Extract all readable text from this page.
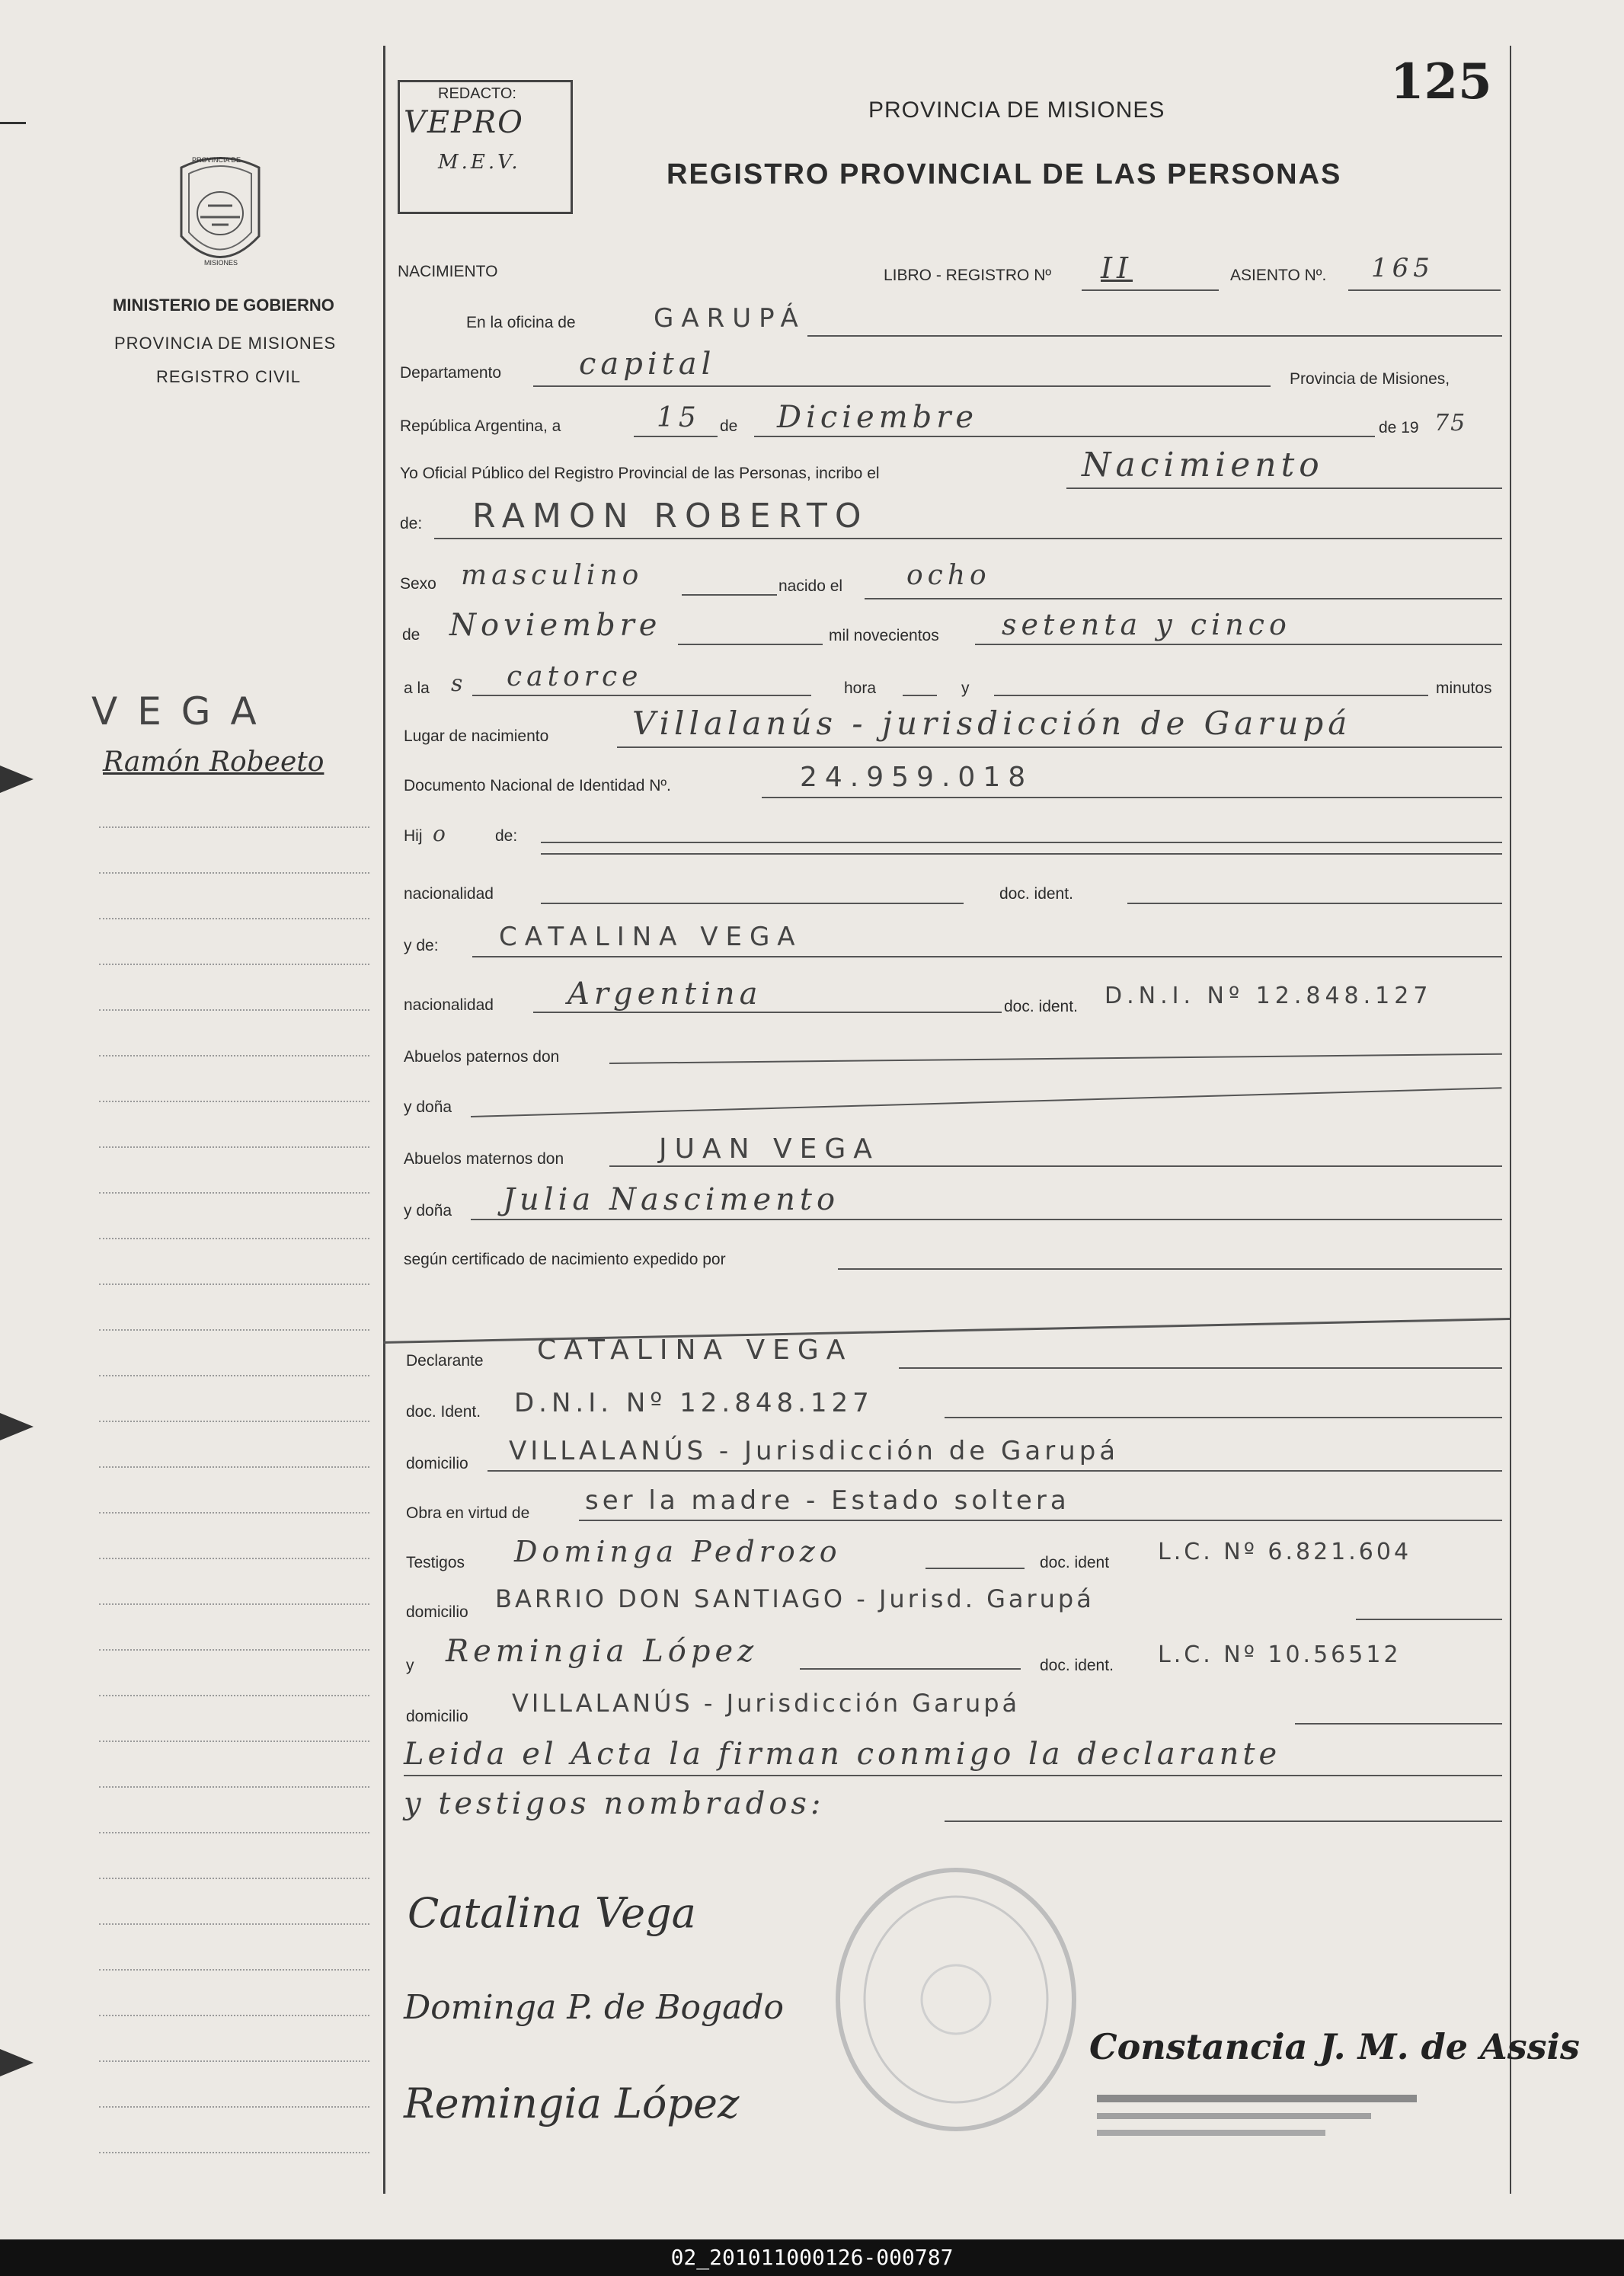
PROVINCIA DE
MISIONES
MINISTERIO DE GOBIERNO
PROVINCIA DE MISIONES
REGISTRO CIVIL
VEGA
Ramón Robeeto
REDACTO:
VEPRO
M.E.V.
125
PROVINCIA DE MISIONES
REGISTRO PROVINCIAL DE LAS PERSONAS
NACIMIENTO	LIBRO - REGISTRO Nº II	ASIENTO Nº. 165
En la oficina de	GARUPÁ
Departamento	capital	Provincia de Misiones,
República Argentina, a	15 de Diciembre	de 19 75
Yo Oficial Público del Registro Provincial de las Personas, incribo el	Nacimiento
de: RAMON ROBERTO
Sexo masculino	nacido el ocho
de Noviembre	mil novecientos setenta y cinco
a la s catorce	hora	y	minutos
Lugar de nacimiento	Villalanús - jurisdicción de Garupá
Documento Nacional de Identidad Nº.	24.959.018
Hij o	de:
nacionalidad	doc. ident.
y de: CATALINA VEGA
nacionalidad Argentina	doc. ident. D.N.I. Nº 12.848.127
Abuelos paternos don
y doña
Abuelos maternos don	JUAN VEGA
y doña Julia Nascimento
según certificado de nacimiento expedido por
Declarante CATALINA VEGA
doc. Ident. D.N.I. Nº 12.848.127
domicilio VILLALANÚS - Jurisdicción de Garupá
Obra en virtud de ser la madre - Estado soltera
Testigos Dominga Pedrozo	doc. ident L.C. Nº 6.821.604
domicilio BARRIO DON SANTIAGO - Jurisd. Garupá
y Remingia López	doc. ident. L.C. Nº 10.56512
domicilio VILLALANÚS - Jurisdicción Garupá
Leida el Acta la firman conmigo la declarante
y testigos nombrados:
Catalina Vega
Dominga P. de Bogado
Remingia López
Constancia J. M. de Assis
02_201011000126-000787
